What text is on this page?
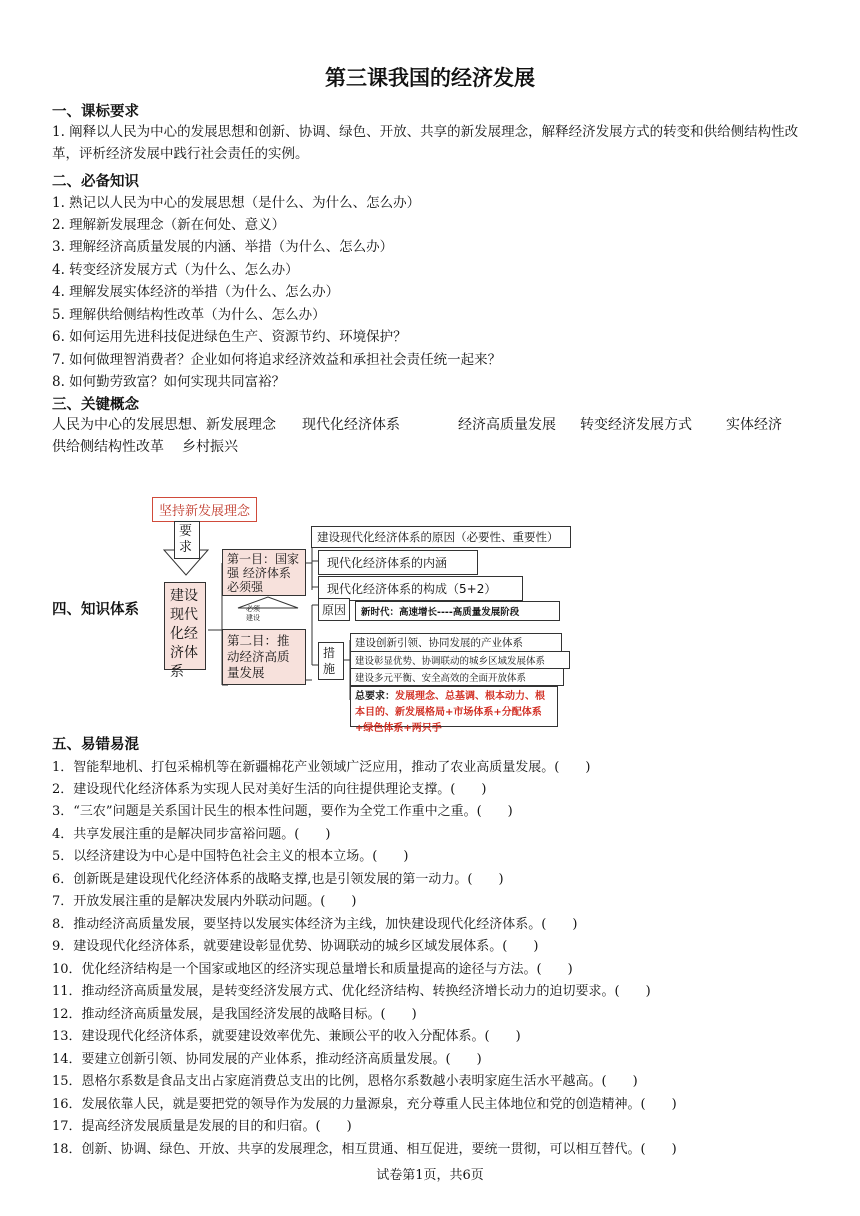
第三课我国的经济发展
一、课标要求
1. 阐释以人民为中心的发展思想和创新、协调、绿色、开放、共享的新发展理念，解释经济发展方式的转变和供给侧结构性改革，评析经济发展中践行社会责任的实例。
二、必备知识
1. 熟记以人民为中心的发展思想（是什么、为什么、怎么办）
2. 理解新发展理念（新在何处、意义）
3. 理解经济高质量发展的内涵、举措（为什么、怎么办）
4. 转变经济发展方式（为什么、怎么办）
4. 理解发展实体经济的举措（为什么、怎么办）
5. 理解供给侧结构性改革（为什么、怎么办）
6. 如何运用先进科技促进绿色生产、资源节约、环境保护？
7. 如何做理智消费者？企业如何将追求经济效益和承担社会责任统一起来？
8. 如何勤劳致富？如何实现共同富裕？
三、关键概念
人民为中心的发展思想、新发展理念 现代化经济体系	经济高质量发展 转变经济发展方式 实体经济供给侧结构性改革 乡村振兴
四、知识体系
坚持新发展理念
要求
建设现代化经济体系
第一目：国家强 经济体系必须强
必须建设
第二目：推动经济高质量发展
建设现代化经济体系的原因（必要性、重要性）
现代化经济体系的内涵
现代化经济体系的构成（5+2）
原因	新时代：高速增长----高质量发展阶段
措施
建设创新引领、协同发展的产业体系
建设彰显优势、协调联动的城乡区域发展体系
建设多元平衡、安全高效的全面开放体系
总要求：发展理念、总基调、根本动力、根本目的、新发展格局+市场体系+分配体系+绿色体系+两只手
五、易错易混
1．智能犁地机、打包采棉机等在新疆棉花产业领域广泛应用，推动了农业高质量发展。(　　)
2．建设现代化经济体系为实现人民对美好生活的向往提供理论支撑。(　　)
3．“三农”问题是关系国计民生的根本性问题，要作为全党工作重中之重。(　　)
4．共享发展注重的是解决同步富裕问题。(　　)
5．以经济建设为中心是中国特色社会主义的根本立场。(　　)
6．创新既是建设现代化经济体系的战略支撑,也是引领发展的第一动力。(　　)
7．开放发展注重的是解决发展内外联动问题。(　　)
8．推动经济高质量发展，要坚持以发展实体经济为主线，加快建设现代化经济体系。(　　)
9．建设现代化经济体系，就要建设彰显优势、协调联动的城乡区域发展体系。(　　)
10．优化经济结构是一个国家或地区的经济实现总量增长和质量提高的途径与方法。(　　)
11．推动经济高质量发展，是转变经济发展方式、优化经济结构、转换经济增长动力的迫切要求。(　　)
12．推动经济高质量发展，是我国经济发展的战略目标。(　　)
13．建设现代化经济体系，就要建设效率优先、兼顾公平的收入分配体系。(　　)
14．要建立创新引领、协同发展的产业体系，推动经济高质量发展。(　　)
15．恩格尔系数是食品支出占家庭消费总支出的比例，恩格尔系数越小表明家庭生活水平越高。(　　)
16．发展依靠人民，就是要把党的领导作为发展的力量源泉，充分尊重人民主体地位和党的创造精神。(　　)
17．提高经济发展质量是发展的目的和归宿。(　　)
18．创新、协调、绿色、开放、共享的发展理念，相互贯通、相互促进，要统一贯彻，可以相互替代。(　　)
试卷第1页，共6页
